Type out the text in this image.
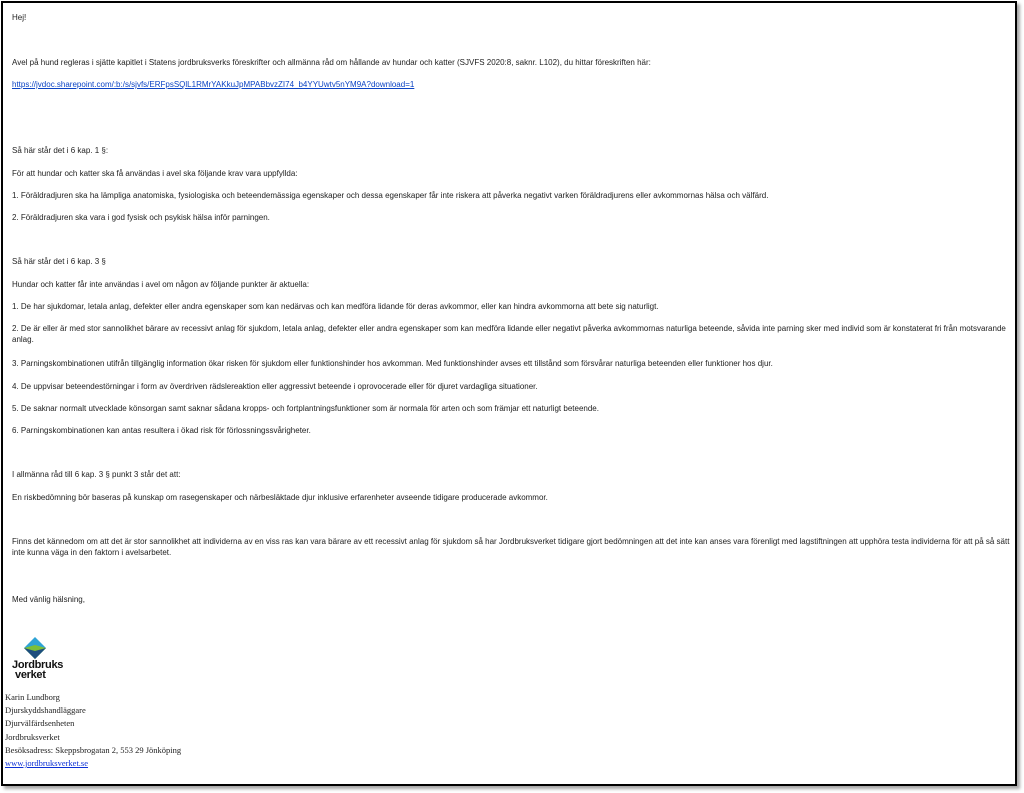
Hej!

Avel på hund regleras i sjätte kapitlet i Statens jordbruksverks föreskrifter och allmänna råd om hållande av hundar och katter (SJVFS 2020:8, saknr. L102), du hittar föreskriften här:

https://jvdoc.sharepoint.com/:b:/s/sjvfs/ERFpsSQlL1RMrYAKkuJpMPABbvzZI74_b4YYUwtv5nYM9A?download=1

Så här står det i 6 kap. 1 §:

För att hundar och katter ska få användas i avel ska följande krav vara uppfyllda:

1. Föräldradjuren ska ha lämpliga anatomiska, fysiologiska och beteendemässiga egenskaper och dessa egenskaper får inte riskera att påverka negativt varken föräldradjurens eller avkommornas hälsa och välfärd.

2. Föräldradjuren ska vara i god fysisk och psykisk hälsa inför parningen.

Så här står det i 6 kap. 3 §

Hundar och katter får inte användas i avel om någon av följande punkter är aktuella:

1. De har sjukdomar, letala anlag, defekter eller andra egenskaper som kan nedärvas och kan medföra lidande för deras avkommor, eller kan hindra avkommorna att bete sig naturligt.

2. De är eller är med stor sannolikhet bärare av recessivt anlag för sjukdom, letala anlag, defekter eller andra egenskaper som kan medföra lidande eller negativt påverka avkommornas naturliga beteende, såvida inte parning sker med individ som är konstaterat fri från motsvarande anlag.

3. Parningskombinationen utifrån tillgänglig information ökar risken för sjukdom eller funktionshinder hos avkomman. Med funktionshinder avses ett tillstånd som försvårar naturliga beteenden eller funktioner hos djur.

4. De uppvisar beteendestörningar i form av överdriven rädslereaktion eller aggressivt beteende i oprovocerade eller för djuret vardagliga situationer.

5. De saknar normalt utvecklade könsorgan samt saknar sådana kropps- och fortplantningsfunktioner som är normala för arten och som främjar ett naturligt beteende.

6. Parningskombinationen kan antas resultera i ökad risk för förlossningssvårigheter.

I allmänna råd till 6 kap. 3 § punkt 3 står det att:

En riskbedömning bör baseras på kunskap om rasegenskaper och närbesläktade djur inklusive erfarenheter avseende tidigare producerade avkommor.

Finns det kännedom om att det är stor sannolikhet att individerna av en viss ras kan vara bärare av ett recessivt anlag för sjukdom så har Jordbruksverket tidigare gjort bedömningen att det inte kan anses vara förenligt med lagstiftningen att upphöra testa individerna för att på så sätt inte kunna väga in den faktorn i avelsarbetet.

Med vänlig hälsning,

Jordbruks
verket
Karin Lundborg
Djurskyddshandläggare
Djurvälfärdsenheten
Jordbruksverket
Besöksadress: Skeppsbrogatan 2, 553 29 Jönköping
www.jordbruksverket.se
